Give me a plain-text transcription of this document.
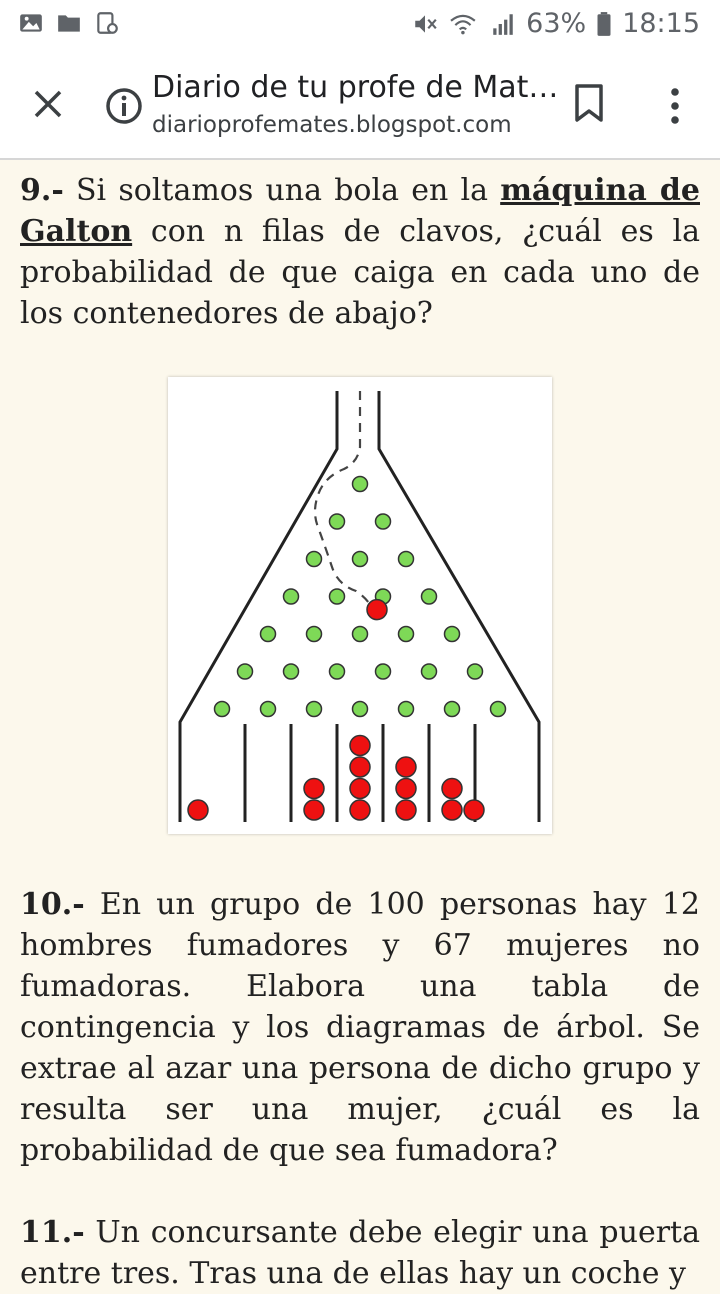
63% 18:15
Diario de tu profe de Mat…
diarioprofemates.blogspot.com

9.- Si soltamos una bola en la máquina de Galton con n filas de clavos, ¿cuál es la probabilidad de que caiga en cada uno de los contenedores de abajo?

10.- En un grupo de 100 personas hay 12 hombres fumadores y 67 mujeres no fumadoras. Elabora una tabla de contingencia y los diagramas de árbol. Se extrae al azar una persona de dicho grupo y resulta ser una mujer, ¿cuál es la probabilidad de que sea fumadora?

11.- Un concursante debe elegir una puerta entre tres. Tras una de ellas hay un coche y
